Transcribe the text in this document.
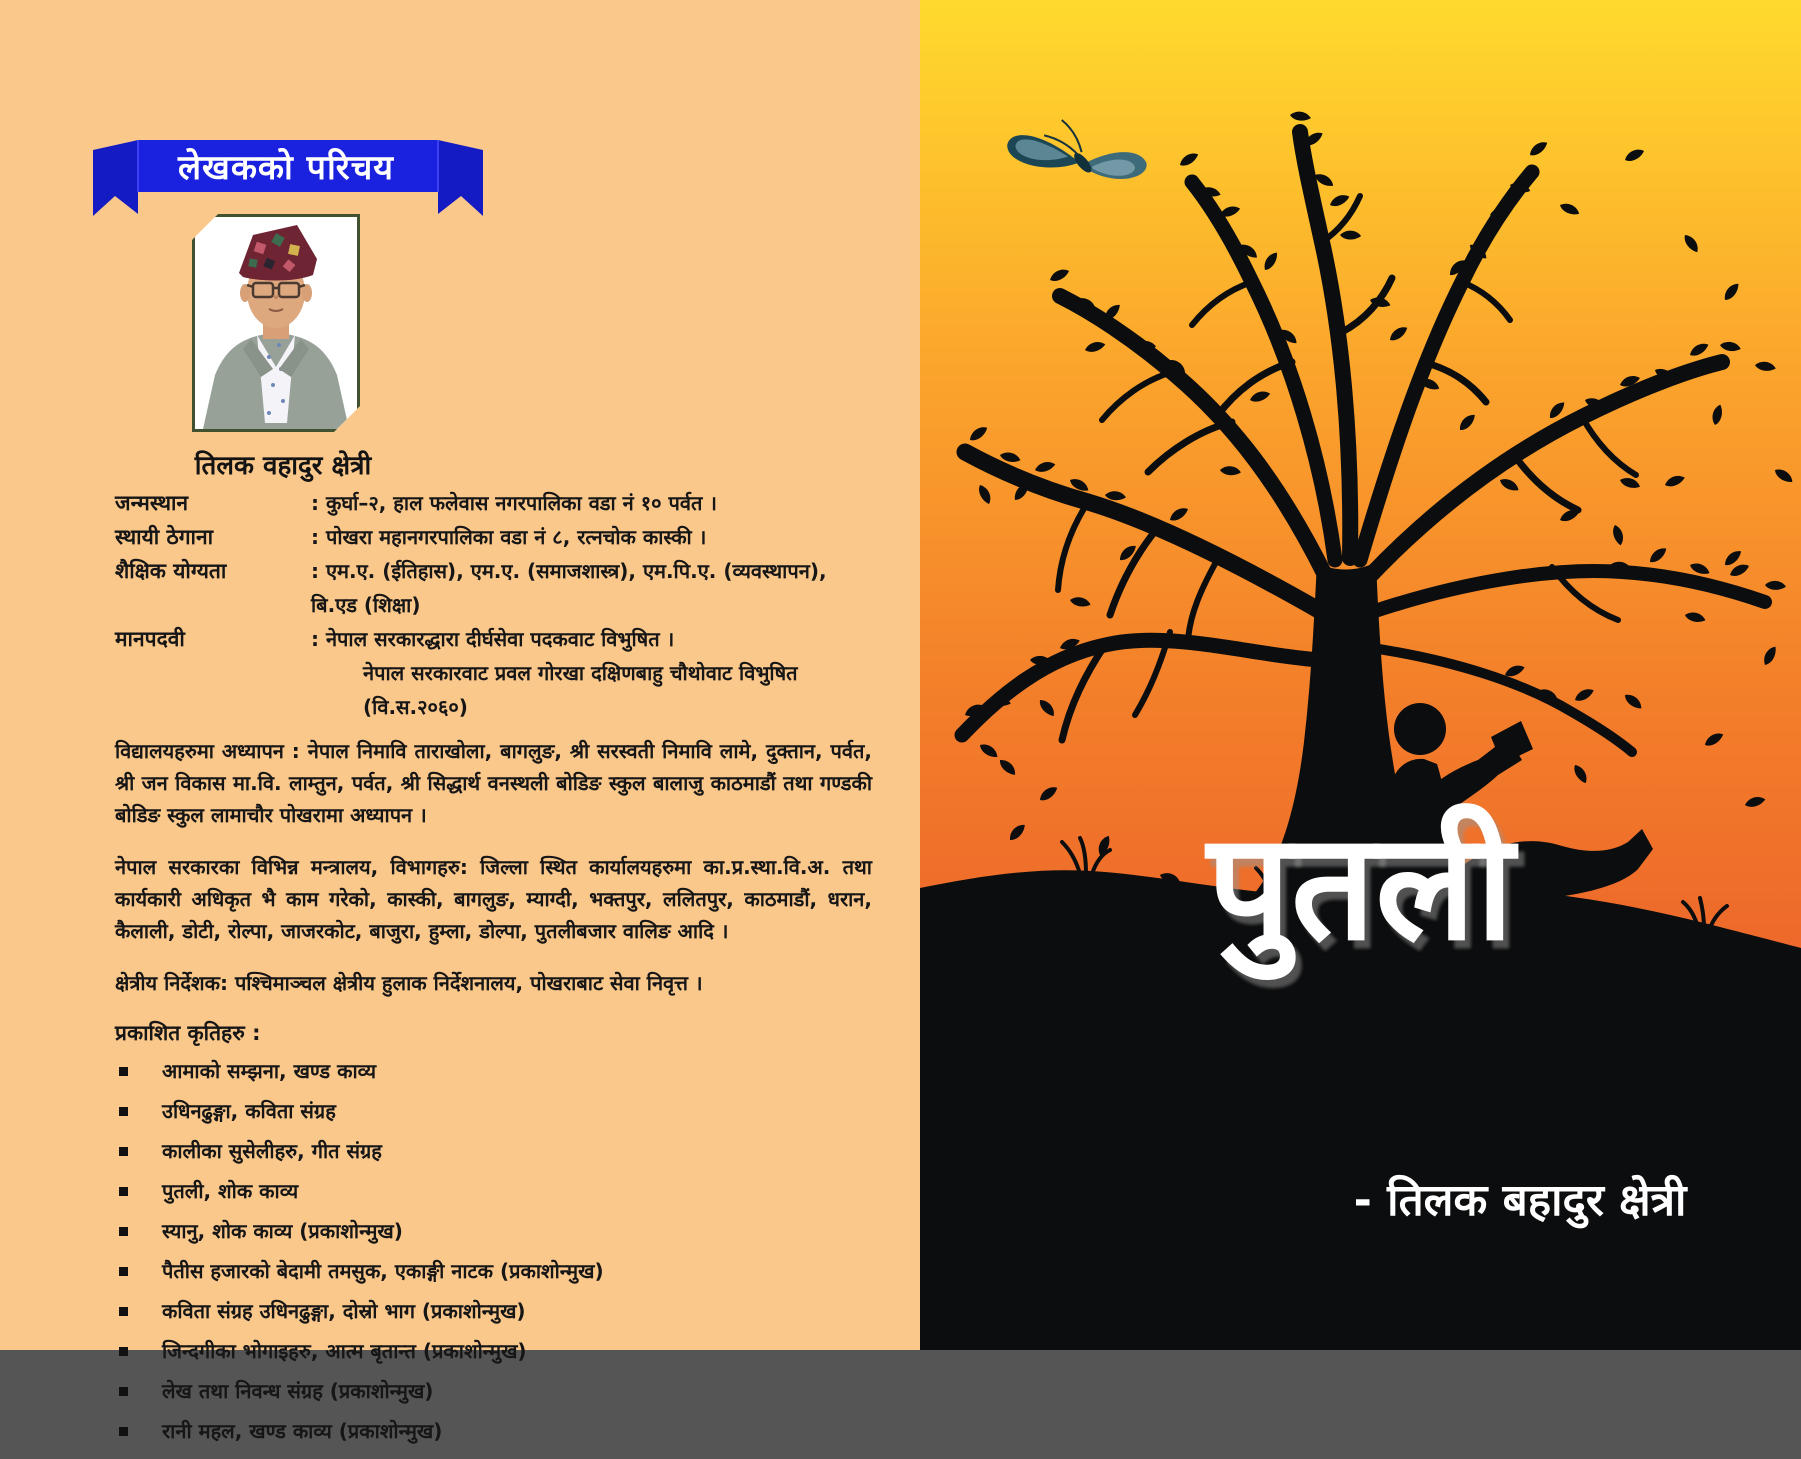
लेखकको परिचय
तिलक वहादुर क्षेत्री
जन्मस्थान	: कुर्घा–२, हाल फलेवास नगरपालिका वडा नं १० पर्वत ।
स्थायी ठेगाना	: पोखरा महानगरपालिका वडा नं ८, रत्नचोक कास्की ।
शैक्षिक योग्यता	: एम.ए. (ईतिहास), एम.ए. (समाजशास्त्र), एम.पि.ए. (व्यवस्थापन), बि.एड (शिक्षा)
मानपदवी	: नेपाल सरकारद्धारा दीर्घसेवा पदकवाट विभुषित ।
नेपाल सरकारवाट प्रवल गोरखा दक्षिणबाहु चौथोवाट विभुषित (वि.स.२०६०)

विद्यालयहरुमा अध्यापन : नेपाल निमावि ताराखोला, बागलुङ, श्री सरस्वती निमावि लामे, दुक्तान, पर्वत, श्री जन विकास मा.वि. लाम्तुन, पर्वत, श्री सिद्धार्थ वनस्थली बोडिङ स्कुल बालाजु काठमाडौं तथा गण्डकी बोडिङ स्कुल लामाचौर पोखरामा अध्यापन ।

नेपाल सरकारका विभिन्न मन्त्रालय, विभागहरु: जिल्ला स्थित कार्यालयहरुमा का.प्र.स्था.वि.अ. तथा कार्यकारी अधिकृत भै काम गरेको, कास्की, बागलुङ, म्याग्दी, भक्तपुर, ललितपुर, काठमाडौं, धरान, कैलाली, डोटी, रोल्पा, जाजरकोट, बाजुरा, हुम्ला, डोल्पा, पुतलीबजार वालिङ आदि ।

क्षेत्रीय निर्देशक: पश्चिमाञ्चल क्षेत्रीय हुलाक निर्देशनालय, पोखराबाट सेवा निवृत्त ।

प्रकाशित कृतिहरु :
आमाको सम्झना, खण्ड काव्य
उधिनढुङ्गा, कविता संग्रह
कालीका सुसेलीहरु, गीत संग्रह
पुतली, शोक काव्य
स्यानु, शोक काव्य (प्रकाशोन्मुख)
पैतीस हजारको बेदामी तमसुक, एकाङ्गी नाटक (प्रकाशोन्मुख)
कविता संग्रह उधिनढुङ्गा, दोस्रो भाग (प्रकाशोन्मुख)
जिन्दगीका भोगाइहरु, आत्म बृतान्त (प्रकाशोन्मुख)
लेख तथा निवन्ध संग्रह (प्रकाशोन्मुख)
रानी महल, खण्ड काव्य (प्रकाशोन्मुख)
पुतली
- तिलक बहादुर क्षेत्री
